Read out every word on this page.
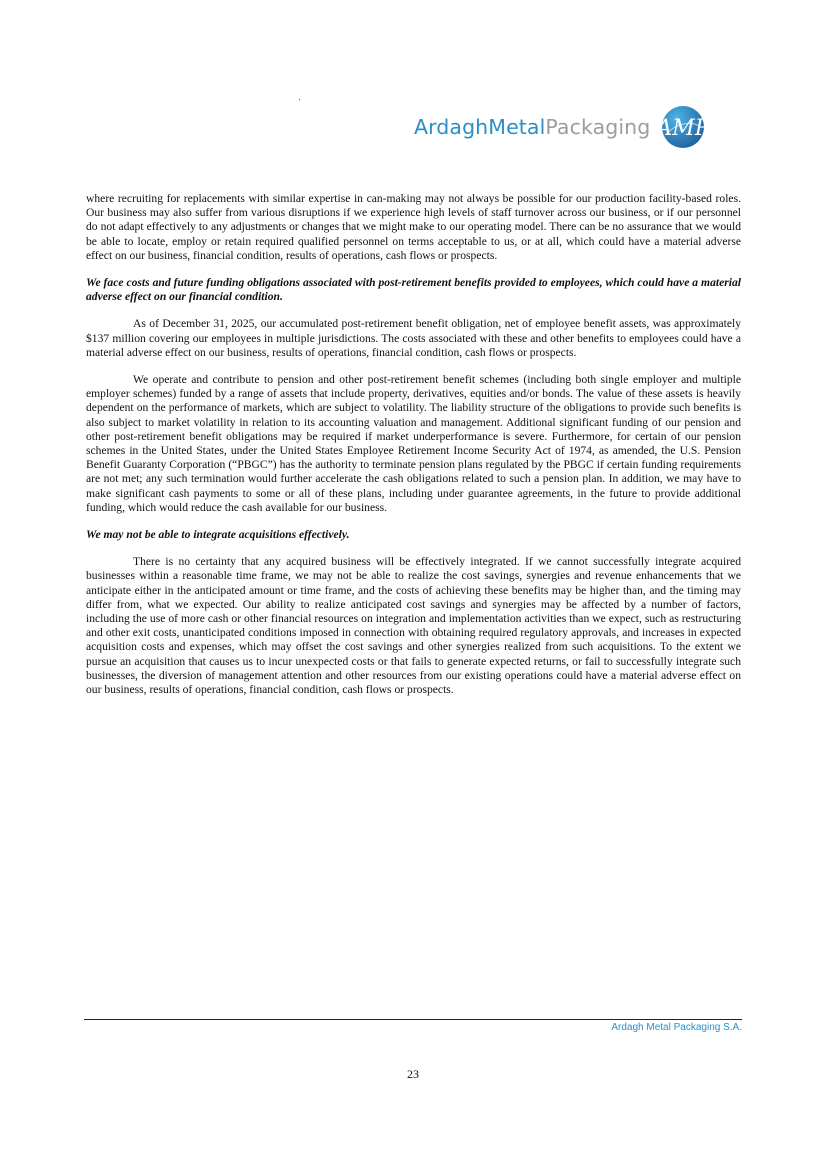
ArdaghMetalPackaging AMP

where recruiting for replacements with similar expertise in can-making may not always be possible for our production facility-based roles. Our business may also suffer from various disruptions if we experience high levels of staff turnover across our business, or if our personnel do not adapt effectively to any adjustments or changes that we might make to our operating model. There can be no assurance that we would be able to locate, employ or retain required qualified personnel on terms acceptable to us, or at all, which could have a material adverse effect on our business, financial condition, results of operations, cash flows or prospects.

We face costs and future funding obligations associated with post-retirement benefits provided to employees, which could have a material adverse effect on our financial condition.

As of December 31, 2025, our accumulated post-retirement benefit obligation, net of employee benefit assets, was approximately $137 million covering our employees in multiple jurisdictions. The costs associated with these and other benefits to employees could have a material adverse effect on our business, results of operations, financial condition, cash flows or prospects.

We operate and contribute to pension and other post-retirement benefit schemes (including both single employer and multiple employer schemes) funded by a range of assets that include property, derivatives, equities and/or bonds. The value of these assets is heavily dependent on the performance of markets, which are subject to volatility. The liability structure of the obligations to provide such benefits is also subject to market volatility in relation to its accounting valuation and management. Additional significant funding of our pension and other post-retirement benefit obligations may be required if market underperformance is severe. Furthermore, for certain of our pension schemes in the United States, under the United States Employee Retirement Income Security Act of 1974, as amended, the U.S. Pension Benefit Guaranty Corporation (“PBGC”) has the authority to terminate pension plans regulated by the PBGC if certain funding requirements are not met; any such termination would further accelerate the cash obligations related to such a pension plan. In addition, we may have to make significant cash payments to some or all of these plans, including under guarantee agreements, in the future to provide additional funding, which would reduce the cash available for our business.

We may not be able to integrate acquisitions effectively.

There is no certainty that any acquired business will be effectively integrated. If we cannot successfully integrate acquired businesses within a reasonable time frame, we may not be able to realize the cost savings, synergies and revenue enhancements that we anticipate either in the anticipated amount or time frame, and the costs of achieving these benefits may be higher than, and the timing may differ from, what we expected. Our ability to realize anticipated cost savings and synergies may be affected by a number of factors, including the use of more cash or other financial resources on integration and implementation activities than we expect, such as restructuring and other exit costs, unanticipated conditions imposed in connection with obtaining required regulatory approvals, and increases in expected acquisition costs and expenses, which may offset the cost savings and other synergies realized from such acquisitions. To the extent we pursue an acquisition that causes us to incur unexpected costs or that fails to generate expected returns, or fail to successfully integrate such businesses, the diversion of management attention and other resources from our existing operations could have a material adverse effect on our business, results of operations, financial condition, cash flows or prospects.

Ardagh Metal Packaging S.A.
23
